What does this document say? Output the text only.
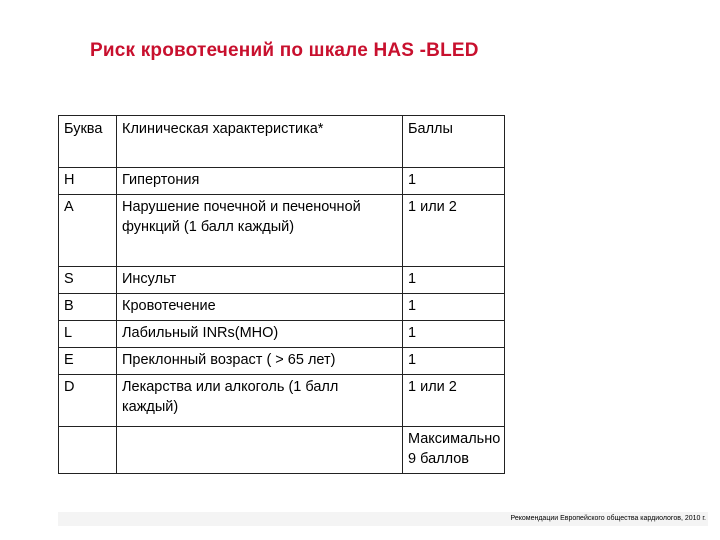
Риск кровотечений по шкале HAS -BLED
Буква	Клиническая характеристика*	Баллы
H	Гипертония	1
A	Нарушение почечной и печеночной функций (1 балл каждый)	1 или 2
S	Инсульт	1
B	Кровотечение	1
L	Лабильный INRs(МНО)	1
E	Преклонный возраст ( > 65 лет)	1
D	Лекарства или алкоголь (1 балл каждый)	1 или 2
		Максимально 9 баллов
Рекомендации Европейского общества кардиологов, 2010 г.
